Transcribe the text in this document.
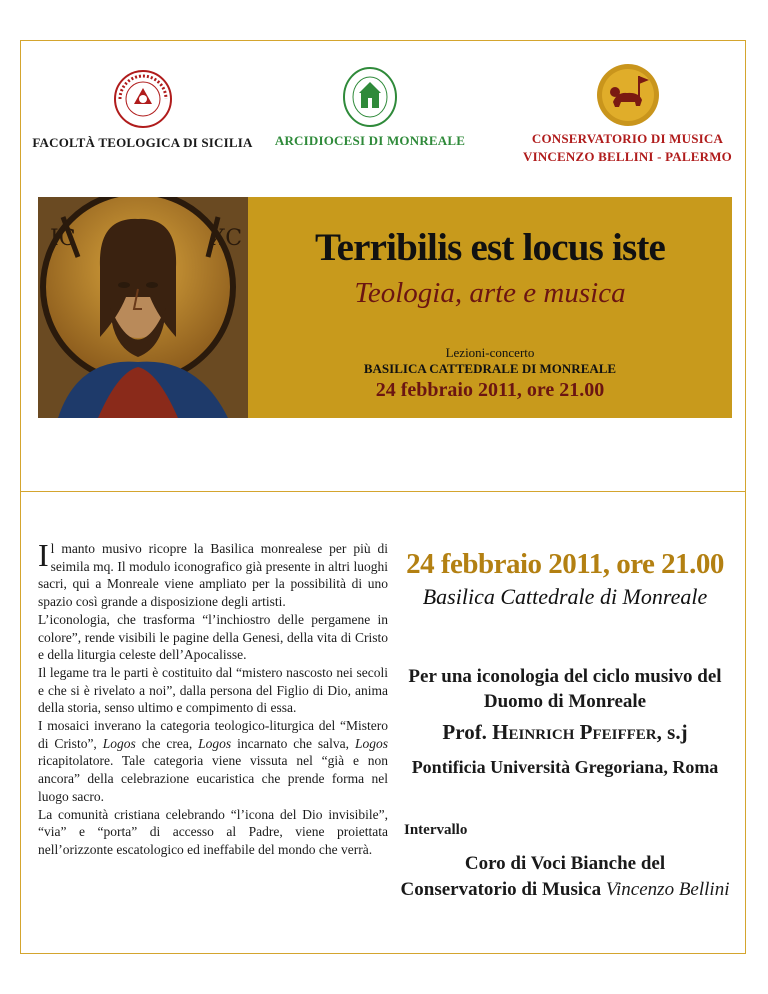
FACOLTÀ TEOLOGICA DI SICILIA	ARCIDIOCESI DI MONREALE	CONSERVATORIO DI MUSICA
VINCENZO BELLINI - PALERMO
IC	XC	Terribilis est locus iste
Teologia, arte e musica
Lezioni-concerto
BASILICA CATTEDRALE DI MONREALE
24 febbraio 2011, ore 21.00
Il manto musivo ricopre la Basilica monrealese per più di seimila mq. Il modulo iconografico già presente in altri luoghi sacri, qui a Monreale viene ampliato per la possibilità di uno spazio così grande a disposizione degli artisti.
L’iconologia, che trasforma “l’inchiostro delle pergamene in colore”, rende visibili le pagine della Genesi, della vita di Cristo e della liturgia celeste dell’Apocalisse.
Il legame tra le parti è costituito dal “mistero nascosto nei secoli e che si è rivelato a noi”, dalla persona del Figlio di Dio, anima della storia, senso ultimo e compimento di essa.
I mosaici inverano la categoria teologico-liturgica del “Mistero di Cristo”, Logos che crea, Logos incarnato che salva, Logos ricapitolatore. Tale categoria viene vissuta nel “già e non ancora” della celebrazione eucaristica che prende forma nel luogo sacro.
La comunità cristiana celebrando “l’icona del Dio invisibile”, “via” e “porta” di accesso al Padre, viene proiettata nell’orizzonte escatologico ed ineffabile del mondo che verrà.
24 febbraio 2011, ore 21.00
Basilica Cattedrale di Monreale
Per una iconologia del ciclo musivo del
Duomo di Monreale
Prof. HEINRICH PFEIFFER, s.j
Pontificia Università Gregoriana, Roma
Intervallo
Coro di Voci Bianche del
Conservatorio di Musica Vincenzo Bellini
